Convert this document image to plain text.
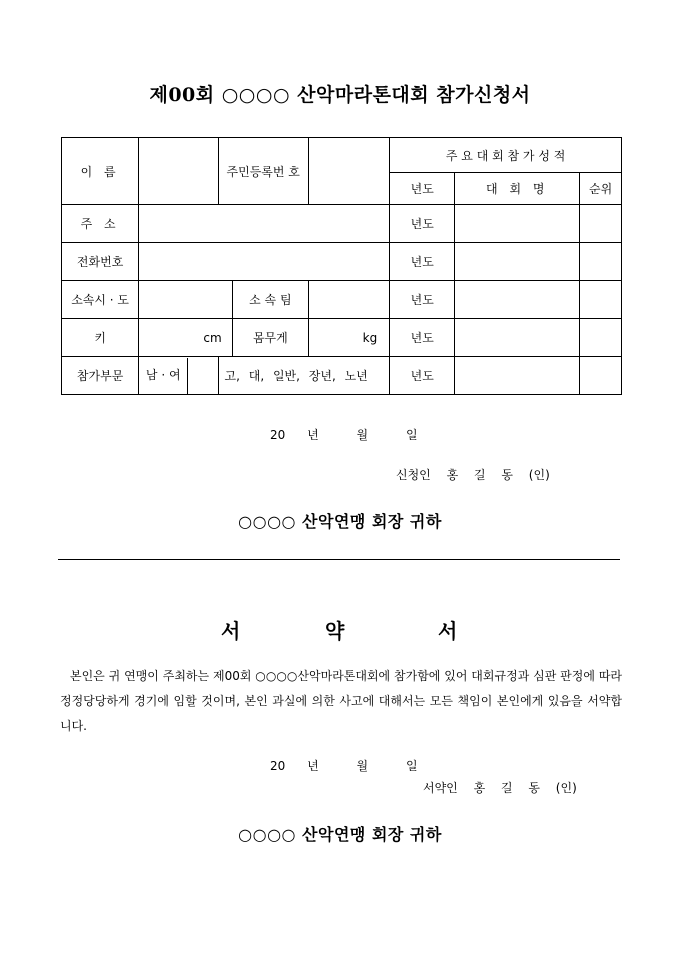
제00회 ○○○○ 산악마라톤대회 참가신청서
이 름		주민등록번 호			주 요 대 회 참 가 성 적		
					년도	대 회 명	순위
주 소					년도		
전화번호					년도		
소속시 · 도			소 속 팀		년도		
키	cm		몸무게	kg	년도		
참가부문	남 · 여	고, 대, 일반, 장년, 노년			년도		
20 년	월	일
신청인 홍 길 동 (인)
○○○○ 산악연맹 회장 귀하
서	약	서

본인은 귀 연맹이 주최하는 제00회 ○○○○산악마라톤대회에 참가함에 있어 대회규정과 심판 판정에 따라 정정당당하게 경기에 임할 것이며, 본인 과실에 의한 사고에 대해서는 모든 책임이 본인에게 있음을 서약합니다.

20 년	월	일
서약인 홍 길 동 (인)
○○○○ 산악연맹 회장 귀하
